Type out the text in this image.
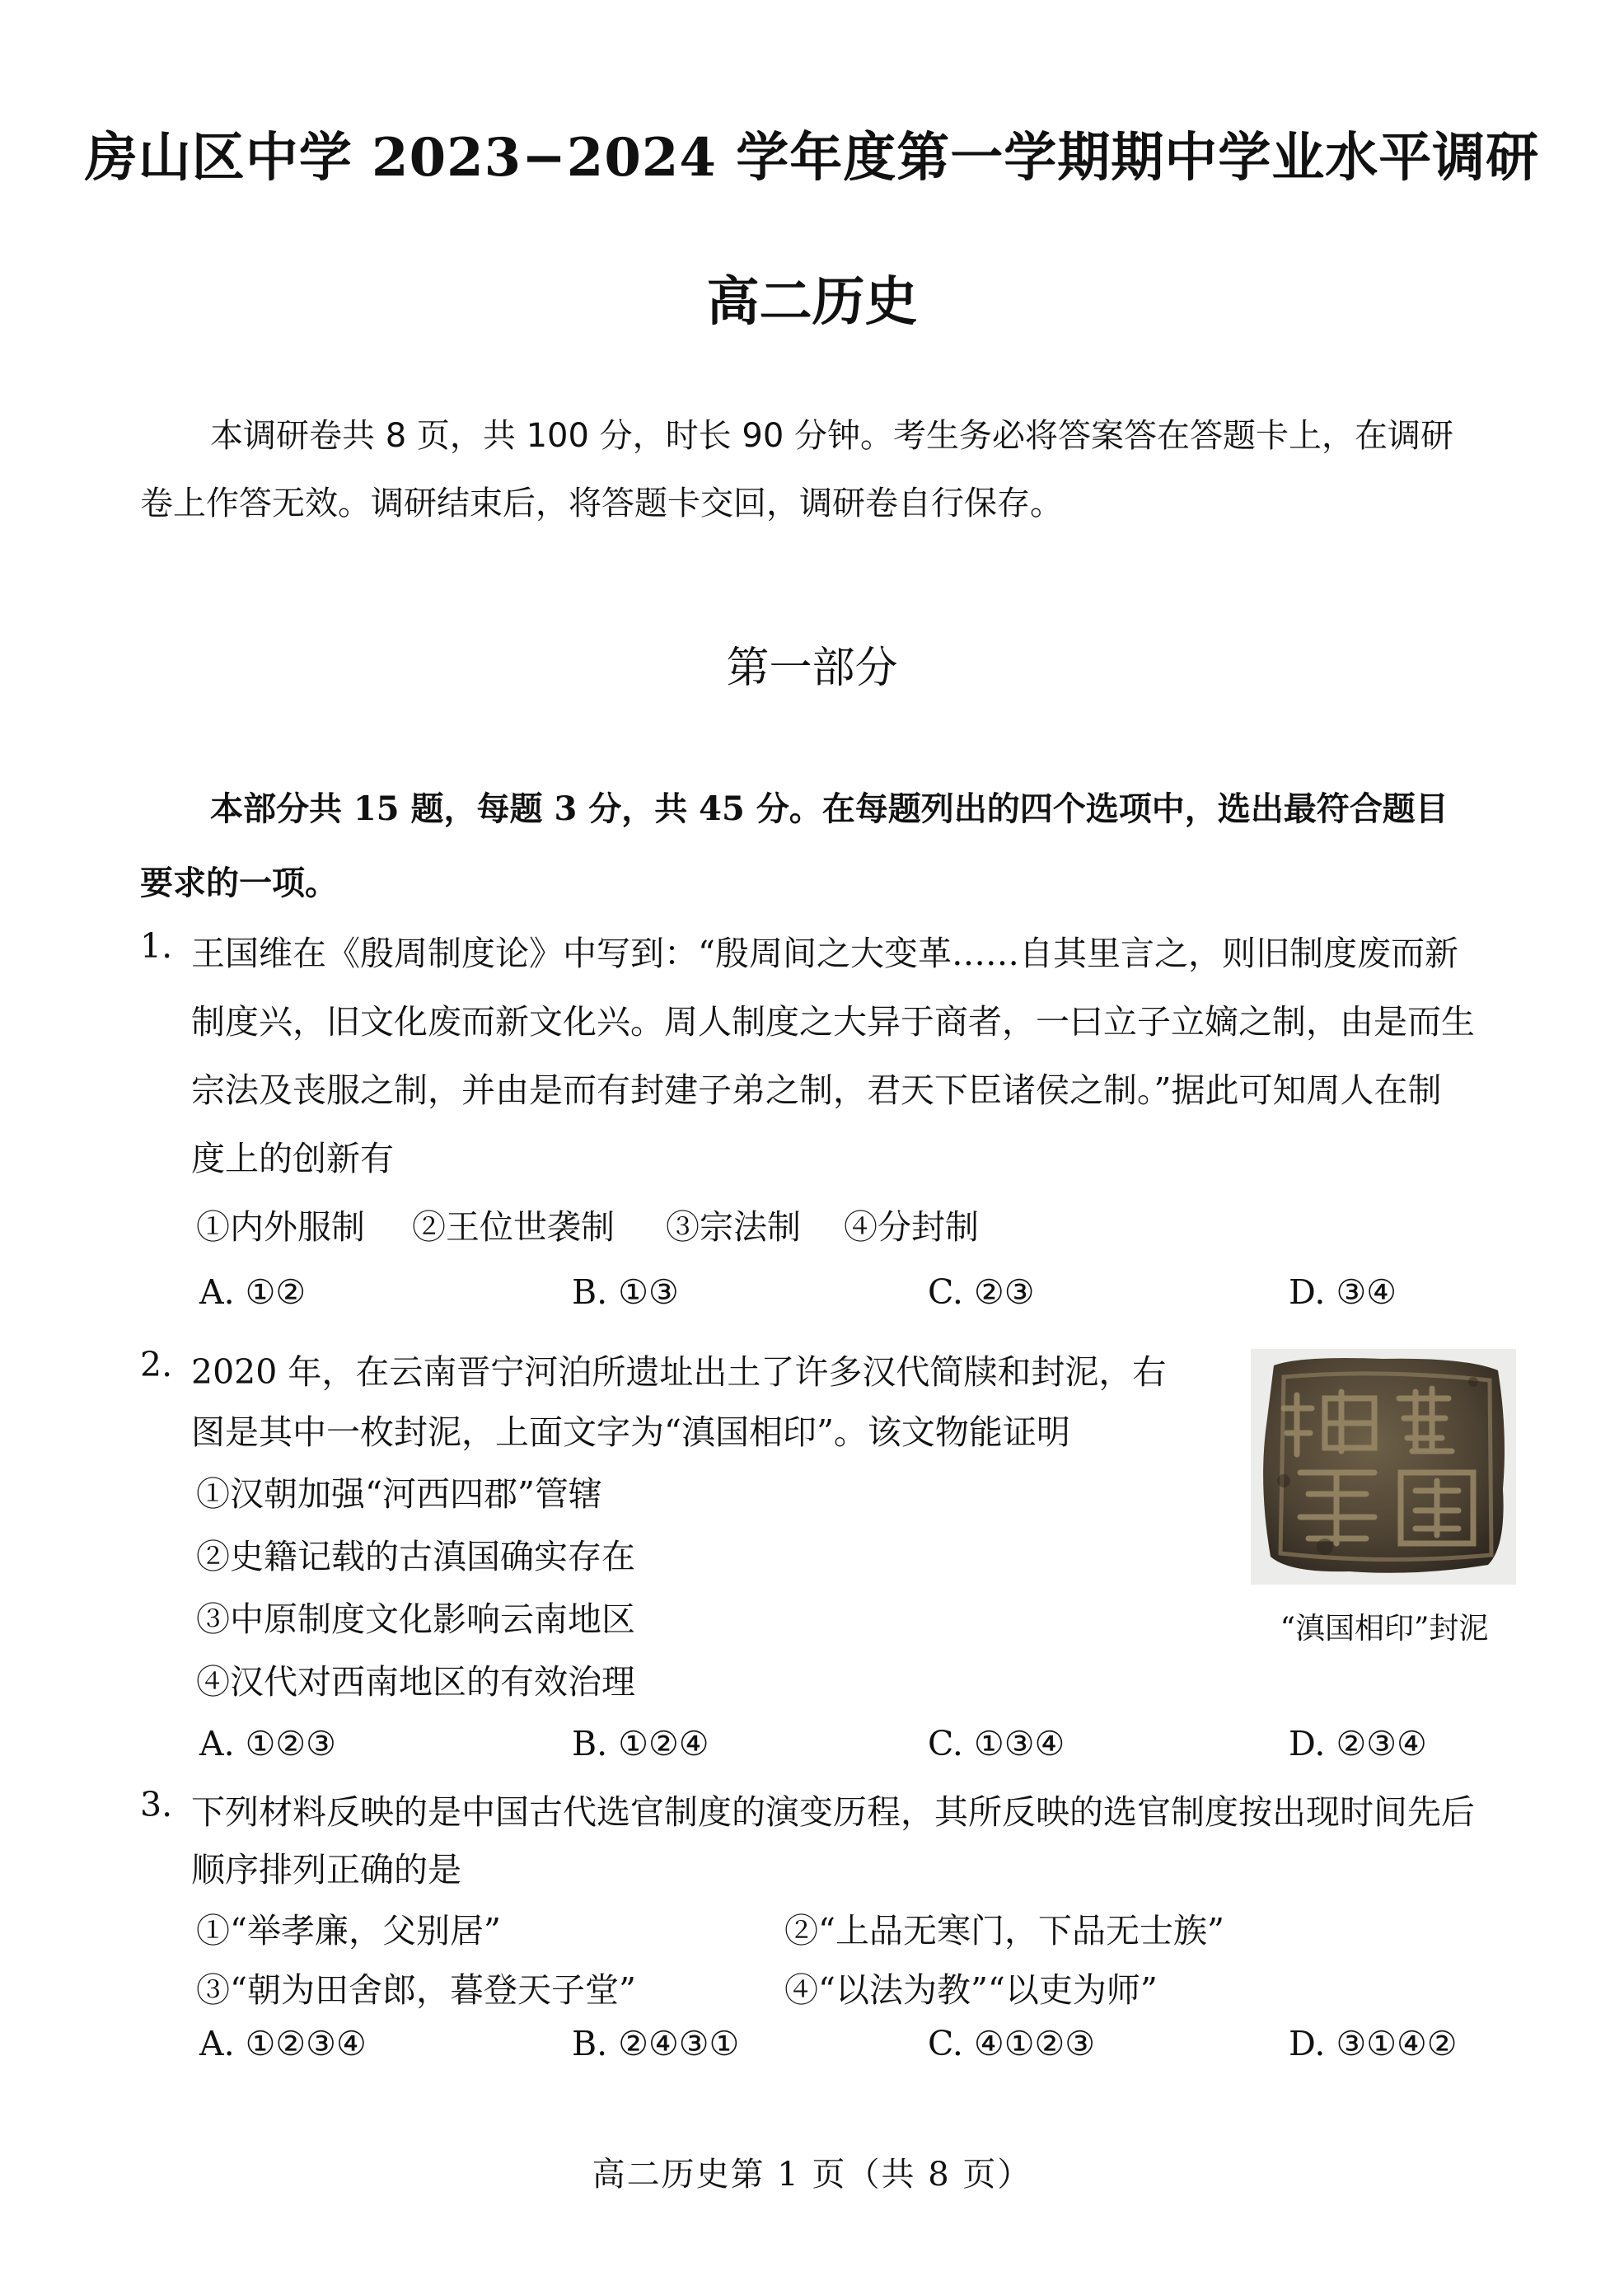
房山区中学 2023−2024 学年度第一学期期中学业水平调研
高二历史
本调研卷共 8 页，共 100 分，时长 90 分钟。考生务必将答案答在答题卡上，在调研
卷上作答无效。调研结束后，将答题卡交回，调研卷自行保存。
第一部分
本部分共 15 题，每题 3 分，共 45 分。在每题列出的四个选项中，选出最符合题目
要求的一项。
1. 王国维在《殷周制度论》中写到：“殷周间之大变革……自其里言之，则旧制度废而新
制度兴，旧文化废而新文化兴。周人制度之大异于商者，一曰立子立嫡之制，由是而生
宗法及丧服之制，并由是而有封建子弟之制，君天下臣诸侯之制。”据此可知周人在制
度上的创新有
①内外服制 ②王位世袭制 ③宗法制 ④分封制
A. ①②	B. ①③	C. ②③	D. ③④
2. 2020 年，在云南晋宁河泊所遗址出土了许多汉代简牍和封泥，右
图是其中一枚封泥，上面文字为“滇国相印”。该文物能证明
①汉朝加强“河西四郡”管辖
②史籍记载的古滇国确实存在
③中原制度文化影响云南地区
④汉代对西南地区的有效治理
“滇国相印”封泥
A. ①②③	B. ①②④	C. ①③④	D. ②③④
3. 下列材料反映的是中国古代选官制度的演变历程，其所反映的选官制度按出现时间先后
顺序排列正确的是
①“举孝廉，父别居”	②“上品无寒门，下品无士族”
③“朝为田舍郎，暮登天子堂”	④“以法为教”“以吏为师”
A. ①②③④	B. ②④③①	C. ④①②③	D. ③①④②
高二历史第 1 页（共 8 页）
